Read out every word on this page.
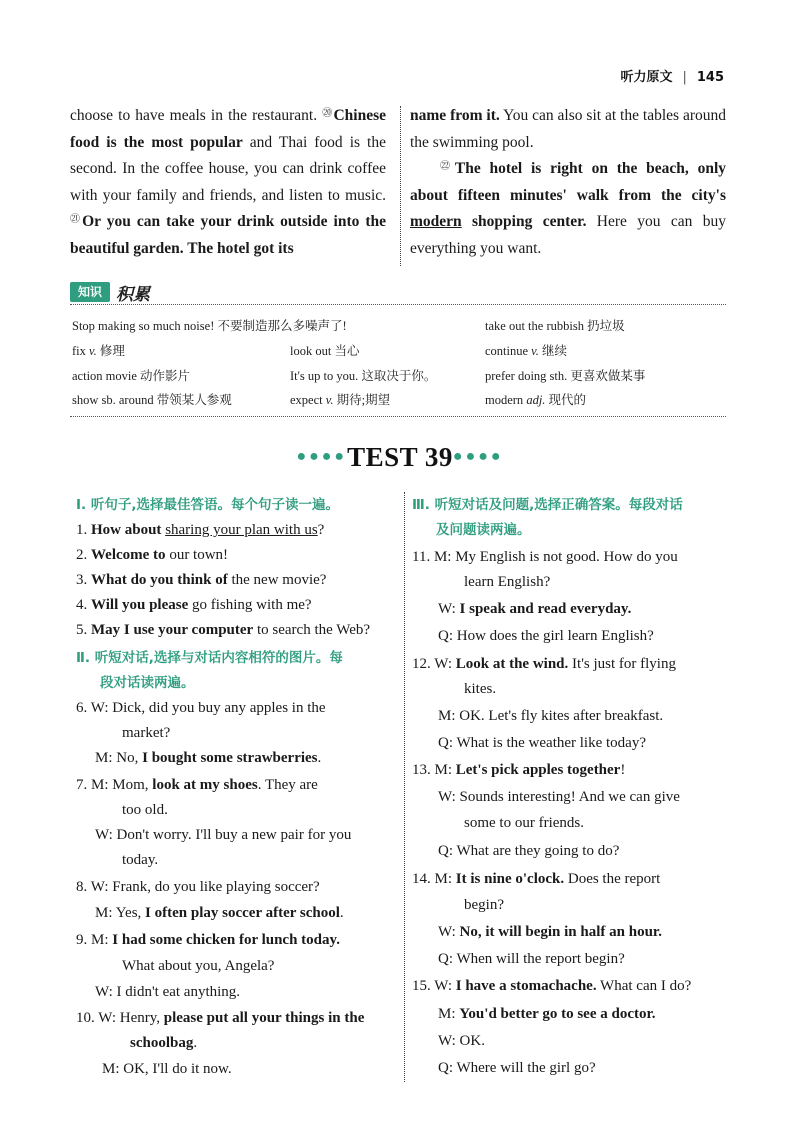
听力原文 | 145

choose to have meals in the restaurant. ⑳Chinese food is the most popular and Thai food is the second. In the coffee house, you can drink coffee with your family and friends, and listen to music. $^㉑$Or you can take your drink outside into the beautiful garden. The hotel got its

name from it. You can also sit at the tables around the swimming pool.

$^㉒$The hotel is right on the beach, only about fifteen minutes' walk from the city's modern shopping center. Here you can buy everything you want.

知识 积累
Stop making so much noise! 不要制造那么多噪声了!	take out the rubbish 扔垃圾
fix v. 修理	look out 当心	continue v. 继续
action movie 动作影片	It's up to you. 这取决于你。	prefer doing sth. 更喜欢做某事
show sb. around 带领某人参观	expect v. 期待;期望	modern adj. 现代的
●●●●TEST 39●●●●
Ⅰ. 听句子,选择最佳答语。每个句子读一遍。
1. How about sharing your plan with us?
2. Welcome to our town!
3. What do you think of the new movie?
4. Will you please go fishing with me?
5. May I use your computer to search the Web?
Ⅱ. 听短对话,选择与对话内容相符的图片。每
段对话读两遍。
6. W: Dick, did you buy any apples in the
market?
M: No, I bought some strawberries.
7. M: Mom, look at my shoes. They are
too old.
W: Don't worry. I'll buy a new pair for you
today.
8. W: Frank, do you like playing soccer?
M: Yes, I often play soccer after school.
9. M: I had some chicken for lunch today.
What about you, Angela?
W: I didn't eat anything.
10. W: Henry, please put all your things in the
schoolbag.
M: OK, I'll do it now.
Ⅲ. 听短对话及问题,选择正确答案。每段对话
及问题读两遍。
11. M: My English is not good. How do you
learn English?
W: I speak and read everyday.
Q: How does the girl learn English?
12. W: Look at the wind. It's just for flying
kites.
M: OK. Let's fly kites after breakfast.
Q: What is the weather like today?
13. M: Let's pick apples together!
W: Sounds interesting! And we can give
some to our friends.
Q: What are they going to do?
14. M: It is nine o'clock. Does the report
begin?
W: No, it will begin in half an hour.
Q: When will the report begin?
15. W: I have a stomachache. What can I do?
M: You'd better go to see a doctor.
W: OK.
Q: Where will the girl go?
